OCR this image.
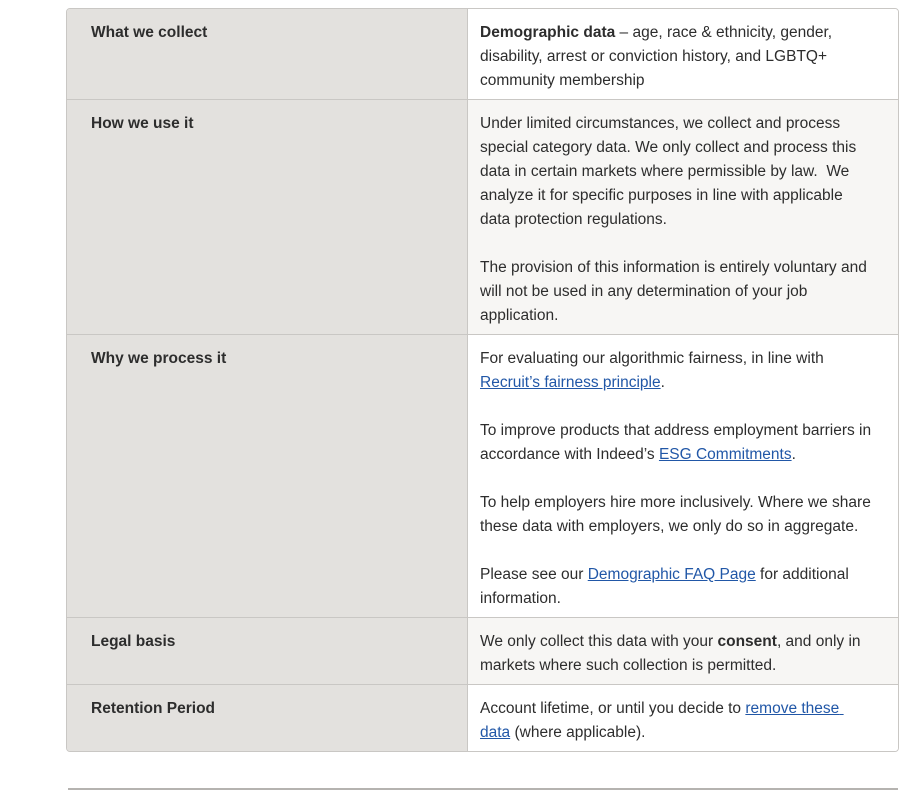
What we collect	Demographic data – age, race & ethnicity, gender, disability, arrest or conviction history, and LGBTQ+ community membership

How we use it	Under limited circumstances, we collect and process special category data. We only collect and process this data in certain markets where permissible by law.  We analyze it for specific purposes in line with applicable data protection regulations.

The provision of this information is entirely voluntary and will not be used in any determination of your job application.

Why we process it	For evaluating our algorithmic fairness, in line with Recruit’s fairness principle.

To improve products that address employment barriers in accordance with Indeed’s ESG Commitments.

To help employers hire more inclusively. Where we share these data with employers, we only do so in aggregate.

Please see our Demographic FAQ Page for additional information.

Legal basis	We only collect this data with your consent, and only in markets where such collection is permitted.

Retention Period	Account lifetime, or until you decide to remove these data (where applicable).
